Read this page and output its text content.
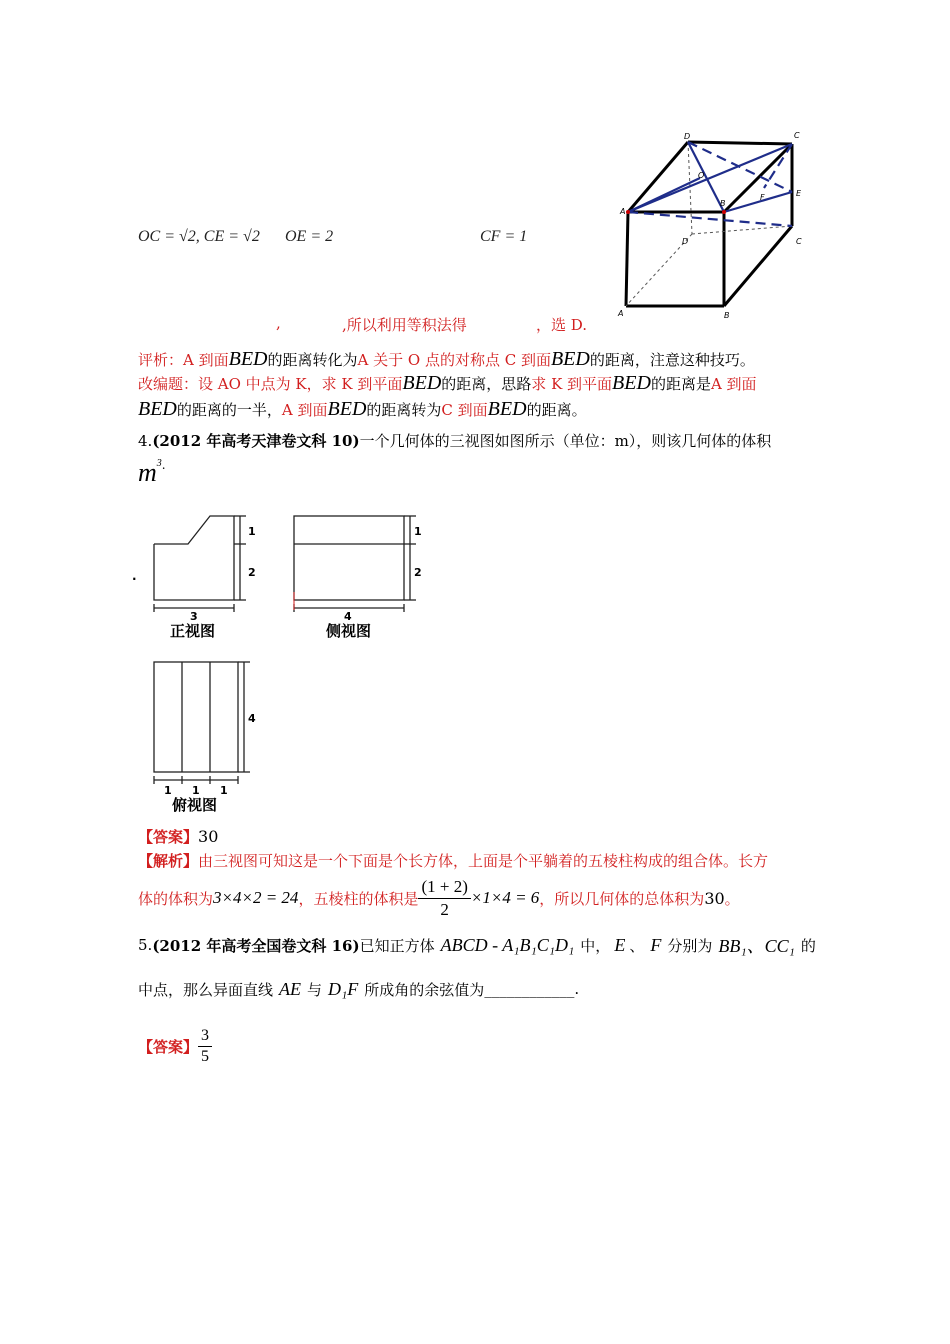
D	C
O
E
B
F
A
D	C
A	B
OC = √2, CE = √2 OE = 2	CF = 1
,	,所以利用等积法得	，选 D.
评析：A 到面BED的距离转化为A 关于 O 点的对称点 C 到面BED的距离，注意这种技巧。
改编题：设 AO 中点为 K，求 K 到平面BED的距离，思路求 K 到平面BED的距离是A 到面
BED的距离的一半，A 到面BED的距离转为C 到面BED的距离。
4.(2012 年高考天津卷文科 10)一个几何体的三视图如图所示（单位：m），则该几何体的体积
$m^{3.}$
1
2
3
正视图
.
1
2
4
侧视图
4
1 1 1
俯视图
【答案】30
【解析】由三视图可知这是一个下面是个长方体，上面是个平躺着的五棱柱构成的组合体。长方
体的体积为 3×4×2 = 24 ，五棱柱的体积是 $\frac{(1 + 2)}{2} \times 1\times 4 = 6$ ，所以几何体的总体积为 30 。
5. (2012 年高考全国卷文科 16) 已知正方体 ABCD - A₁B₁C₁D₁ 中， E 、 F 分别为 BB₁、CC₁ 的
中点，那么异面直线 AE 与 D₁F 所成角的余弦值为 ____________ .
【答案】 $\frac{3}{5}$
